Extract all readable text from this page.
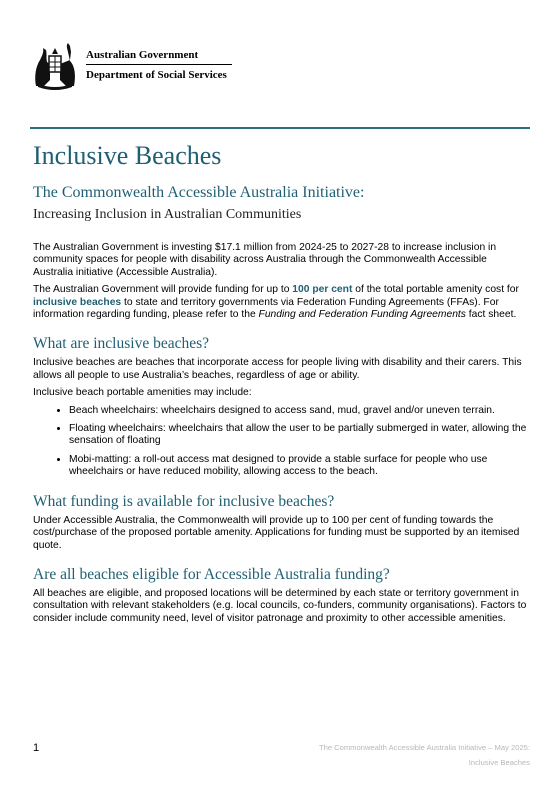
Australian Government
Department of Social Services
Inclusive Beaches
The Commonwealth Accessible Australia Initiative:
Increasing Inclusion in Australian Communities

The Australian Government is investing $17.1 million from 2024-25 to 2027-28 to increase inclusion in community spaces for people with disability across Australia through the Commonwealth Accessible Australia initiative (Accessible Australia).

The Australian Government will provide funding for up to 100 per cent of the total portable amenity cost for inclusive beaches to state and territory governments via Federation Funding Agreements (FFAs). For information regarding funding, please refer to the Funding and Federation Funding Agreements fact sheet.

What are inclusive beaches?

Inclusive beaches are beaches that incorporate access for people living with disability and their carers. This allows all people to use Australia’s beaches, regardless of age or ability.

Inclusive beach portable amenities may include:

• Beach wheelchairs: wheelchairs designed to access sand, mud, gravel and/or uneven terrain.
• Floating wheelchairs: wheelchairs that allow the user to be partially submerged in water, allowing the sensation of floating
• Mobi-matting: a roll-out access mat designed to provide a stable surface for people who use wheelchairs or have reduced mobility, allowing access to the beach.
What funding is available for inclusive beaches?

Under Accessible Australia, the Commonwealth will provide up to 100 per cent of funding towards the cost/purchase of the proposed portable amenity. Applications for funding must be supported by an itemised quote.

Are all beaches eligible for Accessible Australia funding?

All beaches are eligible, and proposed locations will be determined by each state or territory government in consultation with relevant stakeholders (e.g. local councils, co-funders, community organisations). Factors to consider include community need, level of visitor patronage and proximity to other accessible amenities.

1	The Commonwealth Accessible Australia Initiative – May 2025:
Inclusive Beaches
